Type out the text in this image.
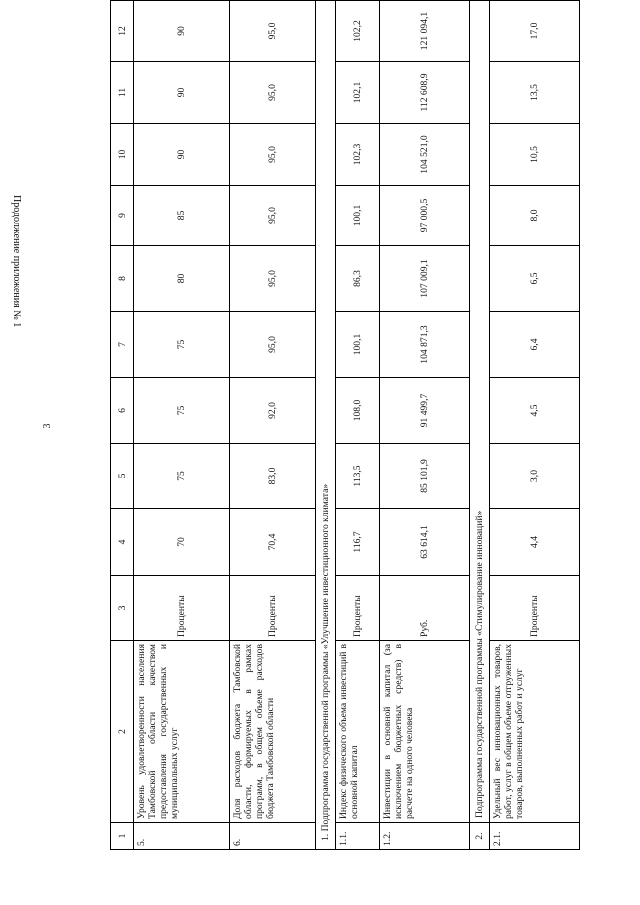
3
Продолжение приложения № 1
1
2
3
4
5
6
7
8
9
10
11
12
5.
Уровень удовлетворенности населения Тамбовской области качеством предоставления государственных и муниципальных услуг
Проценты
70
75
75
75
80
85
90
90
90
6.
Доля расходов бюджета Тамбовской области, формируемых в рамках программ, в общем объеме расходов бюджета Тамбовской области
Проценты
70,4
83,0
92,0
95,0
95,0
95,0
95,0
95,0
95,0
1. Подпрограмма государственной программы «Улучшение инвестиционного климата» 1.1.
Индекс физического объема инвестиций в основной капитал
Проценты
116,7
113,5
108,0
100,1
86,3
100,1
102,3
102,1
102,2
1.2.
Инвестиции в основной капитал (за исключением бюджетных средств) в расчете на одного человека
Руб.
63 614,1
85 101,9
91 499,7
104 871,3
107 009,1
97 000,5
104 521,0
112 608,9
121 094,1
2.
Подпрограмма государственной программы «Стимулирование инноваций»
2.1.
Удельный вес инновационных товаров, работ, услуг в общем объеме отгруженных товаров, выполненных работ и услуг
Проценты
4,4
3,0
4,5
6,4
6,5
8,0
10,5
13,5
17,0
